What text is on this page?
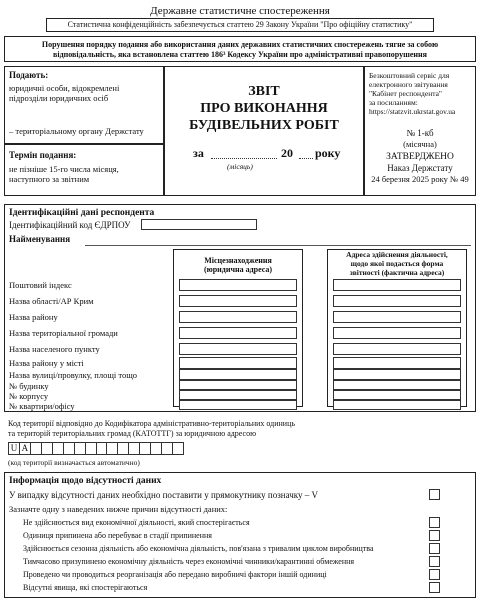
Державне статистичне спостереження
Статистична конфіденційність забезпечується статтею 29 Закону України "Про офіційну статистику"
Порушення порядку подання або використання даних державних статистичних спостережень тягне за собою
відповідальність, яка встановлена статтею 186³ Кодексу України про адміністративні правопорушення
Подають:
юридичні особи, відокремлені
підрозділи юридичних осіб
– територіальному органу Держстату
Термін подання:
не пізніше 15-го числа місяця,
наступного за звітним
ЗВІТ
ПРО ВИКОНАННЯ
БУДІВЕЛЬНИХ РОБІТ
за	20 року
(місяць)
Безкоштовний сервіс для
електронного звітування
"Кабінет респондента"
за посиланням:
https://statzvit.ukrstat.gov.ua
№ 1-кб
(місячна)
ЗАТВЕРДЖЕНО
Наказ Держстату
24 березня 2025 року № 49
Ідентифікаційні дані респондента
Ідентифікаційний код ЄДРПОУ
Найменування
Місцезнаходження
(юридична адреса)
Адреса здійснення діяльності,
щодо якої подається форма
звітності (фактична адреса)
Поштовий індекс
Назва області/АР Крим
Назва району
Назва територіальної громади
Назва населеного пункту
Назва району у місті
Назва вулиці/провулку, площі тощо
№ будинку
№ корпусу
№ квартири/офісу
Код території відповідно до Кодифікатора адміністративно-територіальних одиниць
та територій територіальних громад (КАТОТТГ) за юридичною адресою
U A
(код території визначається автоматично)
Інформація щодо відсутності даних
У випадку відсутності даних необхідно поставити у прямокутнику позначку – V
Зазначте одну з наведених нижче причин відсутності даних:
Не здійснюється вид економічної діяльності, який спостерігається
Одиниця припинена або перебуває в стадії припинення
Здійснюється сезонна діяльність або економічна діяльність, пов'язана з тривалим циклом виробництва
Тимчасово призупинено економічну діяльність через економічні чинники/карантинні обмеження
Проведено чи проводиться реорганізація або передано виробничі фактори іншій одиниці
Відсутні явища, які спостерігаються
